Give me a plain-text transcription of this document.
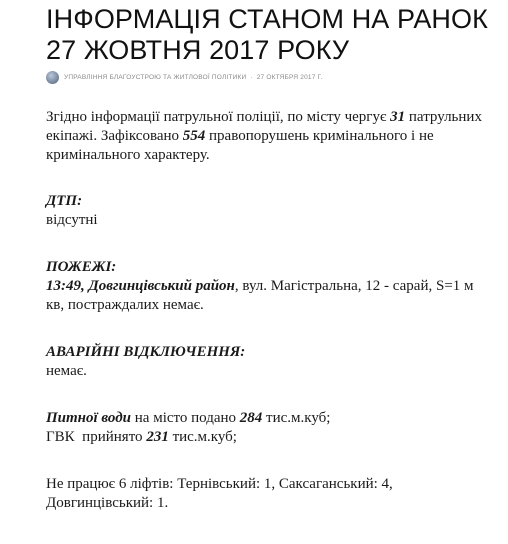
ІНФОРМАЦІЯ СТАНОМ НА РАНОК
27 ЖОВТНЯ 2017 РОКУ
УПРАВЛІННЯ БЛАГОУСТРОЮ ТА ЖИТЛОВОЇ ПОЛІТИКИ · 27 ОКТЯБРЯ 2017 Г.

Згідно інформації патрульної поліції, по місту чергує 31 патрульних екіпажі. Зафіксовано 554 правопорушень кримінального і не кримінального характеру.

ДТП:
відсутні

ПОЖЕЖІ:
13:49, Довгинцівський район, вул. Магістральна, 12 - сарай, S=1 м кв, постраждалих немає.

АВАРІЙНІ ВІДКЛЮЧЕННЯ:
немає.

Питної води на місто подано 284 тис.м.куб;
ГВК  прийнято 231 тис.м.куб;

Не працює 6 ліфтів: Тернівський: 1, Саксаганський: 4, Довгинцівський: 1.
